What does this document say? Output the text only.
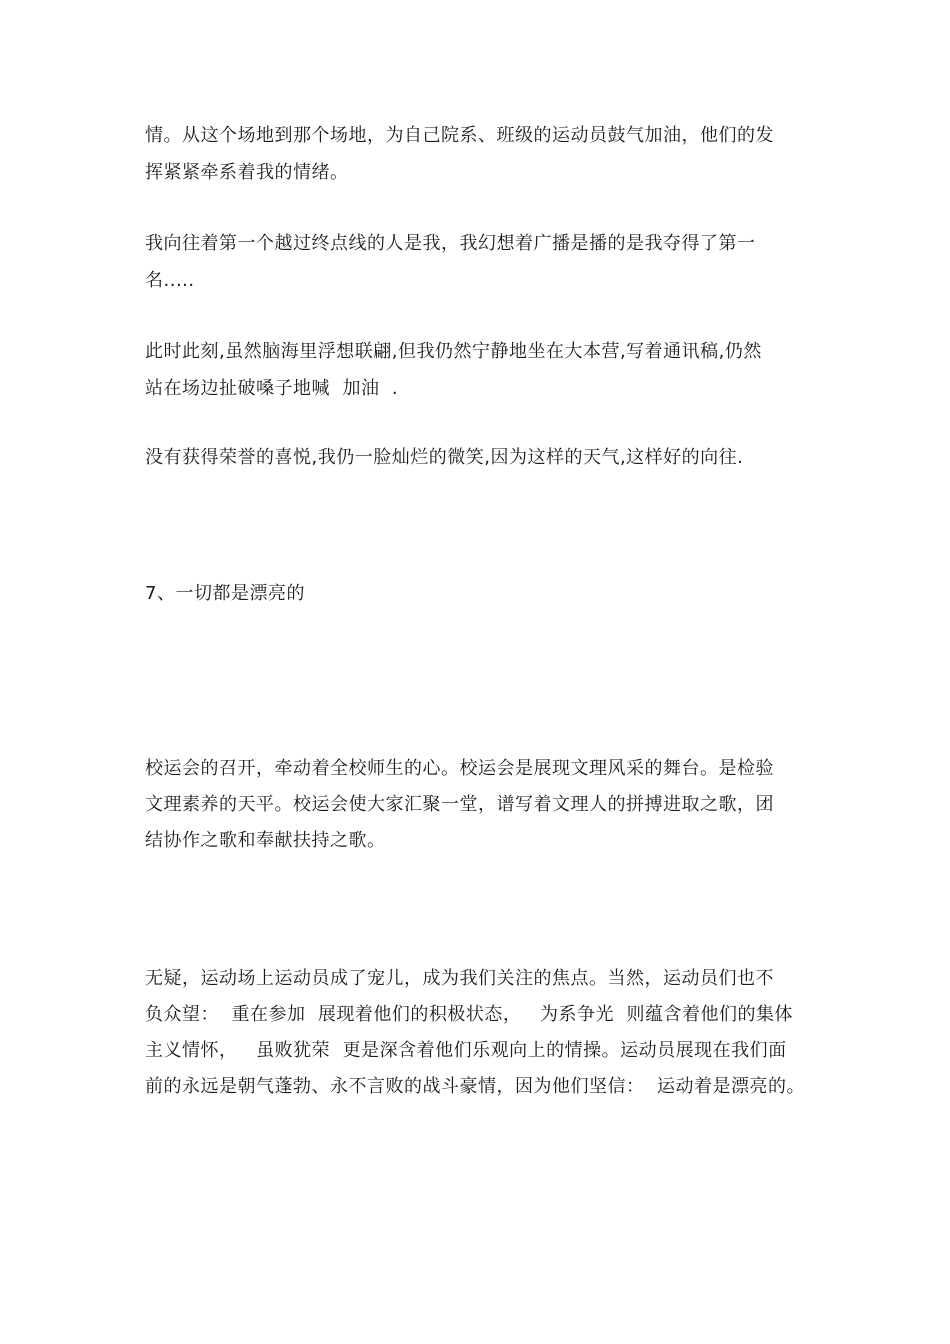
情。从这个场地到那个场地，为自己院系、班级的运动员鼓气加油，他们的发
挥紧紧牵系着我的情绪。
我向往着第一个越过终点线的人是我，我幻想着广播是播的是我夺得了第一
名.....
此时此刻,虽然脑海里浮想联翩,但我仍然宁静地坐在大本营,写着通讯稿,仍然
站在场边扯破嗓子地喊  加油  .
没有获得荣誉的喜悦,我仍一脸灿烂的微笑,因为这样的天气,这样好的向往.
7、一切都是漂亮的
校运会的召开，牵动着全校师生的心。校运会是展现文理风采的舞台。是检验
文理素养的天平。校运会使大家汇聚一堂，谱写着文理人的拼搏进取之歌，团
结协作之歌和奉献扶持之歌。
无疑，运动场上运动员成了宠儿，成为我们关注的焦点。当然，运动员们也不
负众望：  重在参加  展现着他们的积极状态，   为系争光  则蕴含着他们的集体
主义情怀，   虽败犹荣  更是深含着他们乐观向上的情操。运动员展现在我们面
前的永远是朝气蓬勃、永不言败的战斗豪情，因为他们坚信：  运动着是漂亮的。
